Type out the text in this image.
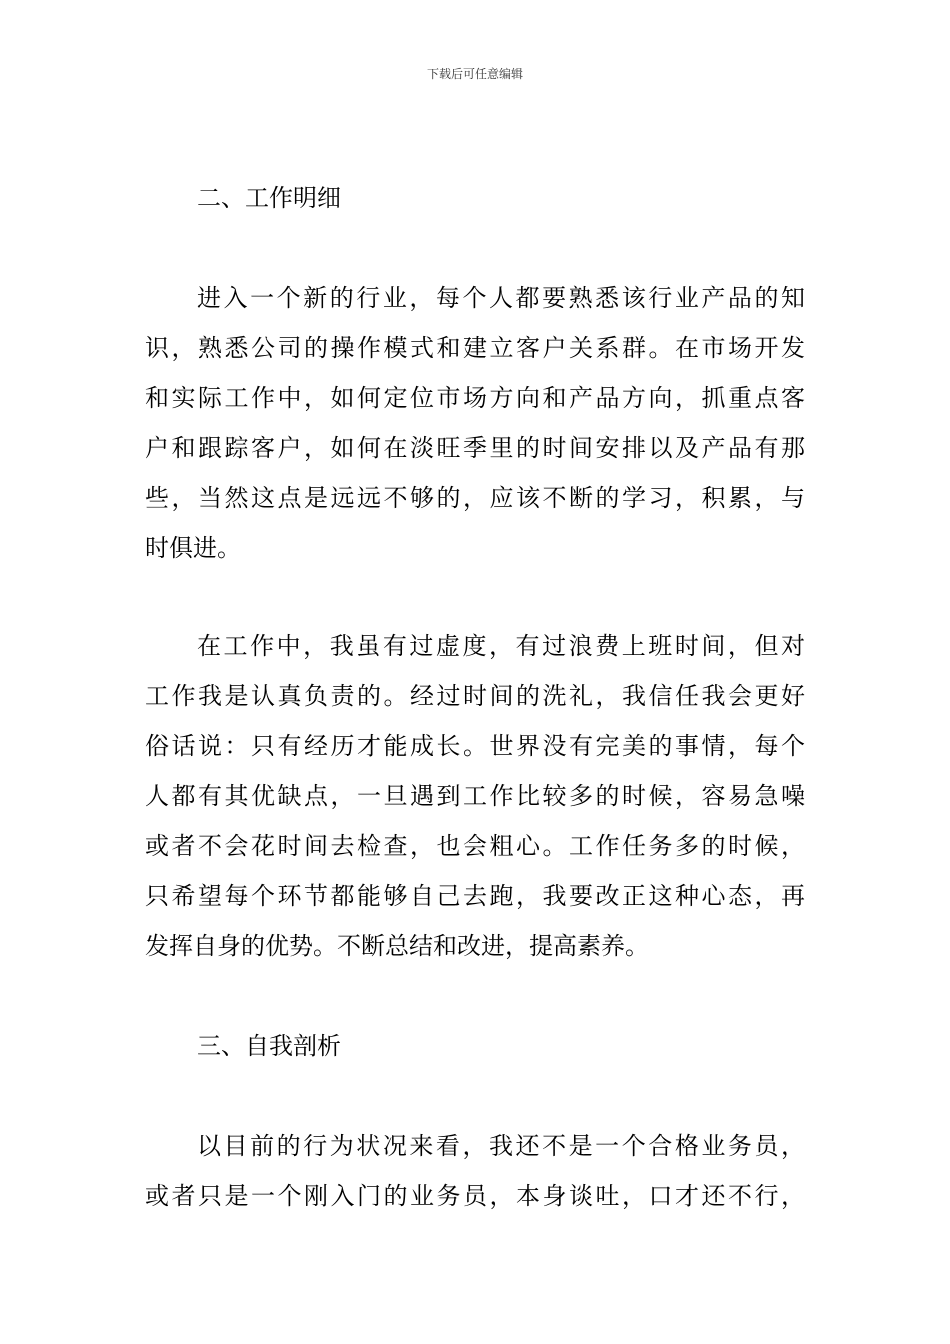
下载后可任意编辑
二、工作明细
进入一个新的行业，每个人都要熟悉该行业产品的知
识，熟悉公司的操作模式和建立客户关系群。在市场开发
和实际工作中，如何定位市场方向和产品方向，抓重点客
户和跟踪客户，如何在淡旺季里的时间安排以及产品有那
些，当然这点是远远不够的，应该不断的学习，积累，与
时俱进。
在工作中，我虽有过虚度，有过浪费上班时间，但对
工作我是认真负责的。经过时间的洗礼，我信任我会更好
俗话说：只有经历才能成长。世界没有完美的事情，每个
人都有其优缺点，一旦遇到工作比较多的时候，容易急噪
或者不会花时间去检查，也会粗心。工作任务多的时候，
只希望每个环节都能够自己去跑，我要改正这种心态，再
发挥自身的优势。不断总结和改进，提高素养。
三、自我剖析
以目前的行为状况来看，我还不是一个合格业务员，
或者只是一个刚入门的业务员，本身谈吐，口才还不行，
